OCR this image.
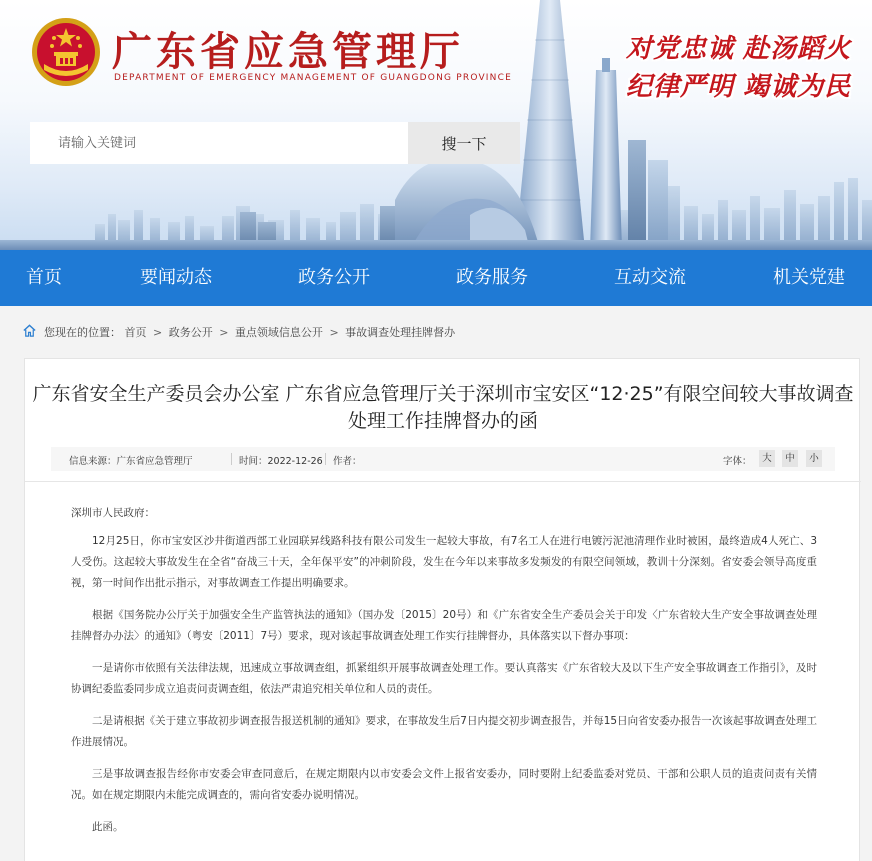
广东省应急管理厅
DEPARTMENT OF EMERGENCY MANAGEMENT OF GUANGDONG PROVINCE
请输入关键词
搜一下
对党忠诚 赴汤蹈火
纪律严明 竭诚为民
首页	要闻动态	政务公开	政务服务	互动交流	机关党建
您现在的位置： 首页 > 政务公开 > 重点领域信息公开 > 事故调查处理挂牌督办
广东省安全生产委员会办公室 广东省应急管理厅关于深圳市宝安区“12·25”有限空间较大事故调查处理工作挂牌督办的函
信息来源：广东省应急管理厅	时间：2022-12-26 作者：	字体：	大	中	小

深圳市人民政府：

12月25日，你市宝安区沙井街道西部工业园联昇线路科技有限公司发生一起较大事故，有7名工人在进行电镀污泥池清理作业时被困，最终造成4人死亡、3人受伤。这起较大事故发生在全省“奋战三十天，全年保平安”的冲刺阶段，发生在今年以来事故多发频发的有限空间领域，教训十分深刻。省安委会领导高度重视，第一时间作出批示指示，对事故调查工作提出明确要求。

根据《国务院办公厅关于加强安全生产监管执法的通知》（国办发〔2015〕20号）和《广东省安全生产委员会关于印发〈广东省较大生产安全事故调查处理挂牌督办办法〉的通知》（粤安〔2011〕7号）要求，现对该起事故调查处理工作实行挂牌督办，具体落实以下督办事项：

一是请你市依照有关法律法规，迅速成立事故调查组，抓紧组织开展事故调查处理工作。要认真落实《广东省较大及以下生产安全事故调查工作指引》，及时协调纪委监委同步成立追责问责调查组，依法严肃追究相关单位和人员的责任。

二是请根据《关于建立事故初步调查报告报送机制的通知》要求，在事故发生后7日内提交初步调查报告，并每15日向省安委办报告一次该起事故调查处理工作进展情况。

三是事故调查报告经你市安委会审查同意后，在规定期限内以市安委会文件上报省安委办，同时要附上纪委监委对党员、干部和公职人员的追责问责有关情况。如在规定期限内未能完成调查的，需向省安委办说明情况。

此函。
